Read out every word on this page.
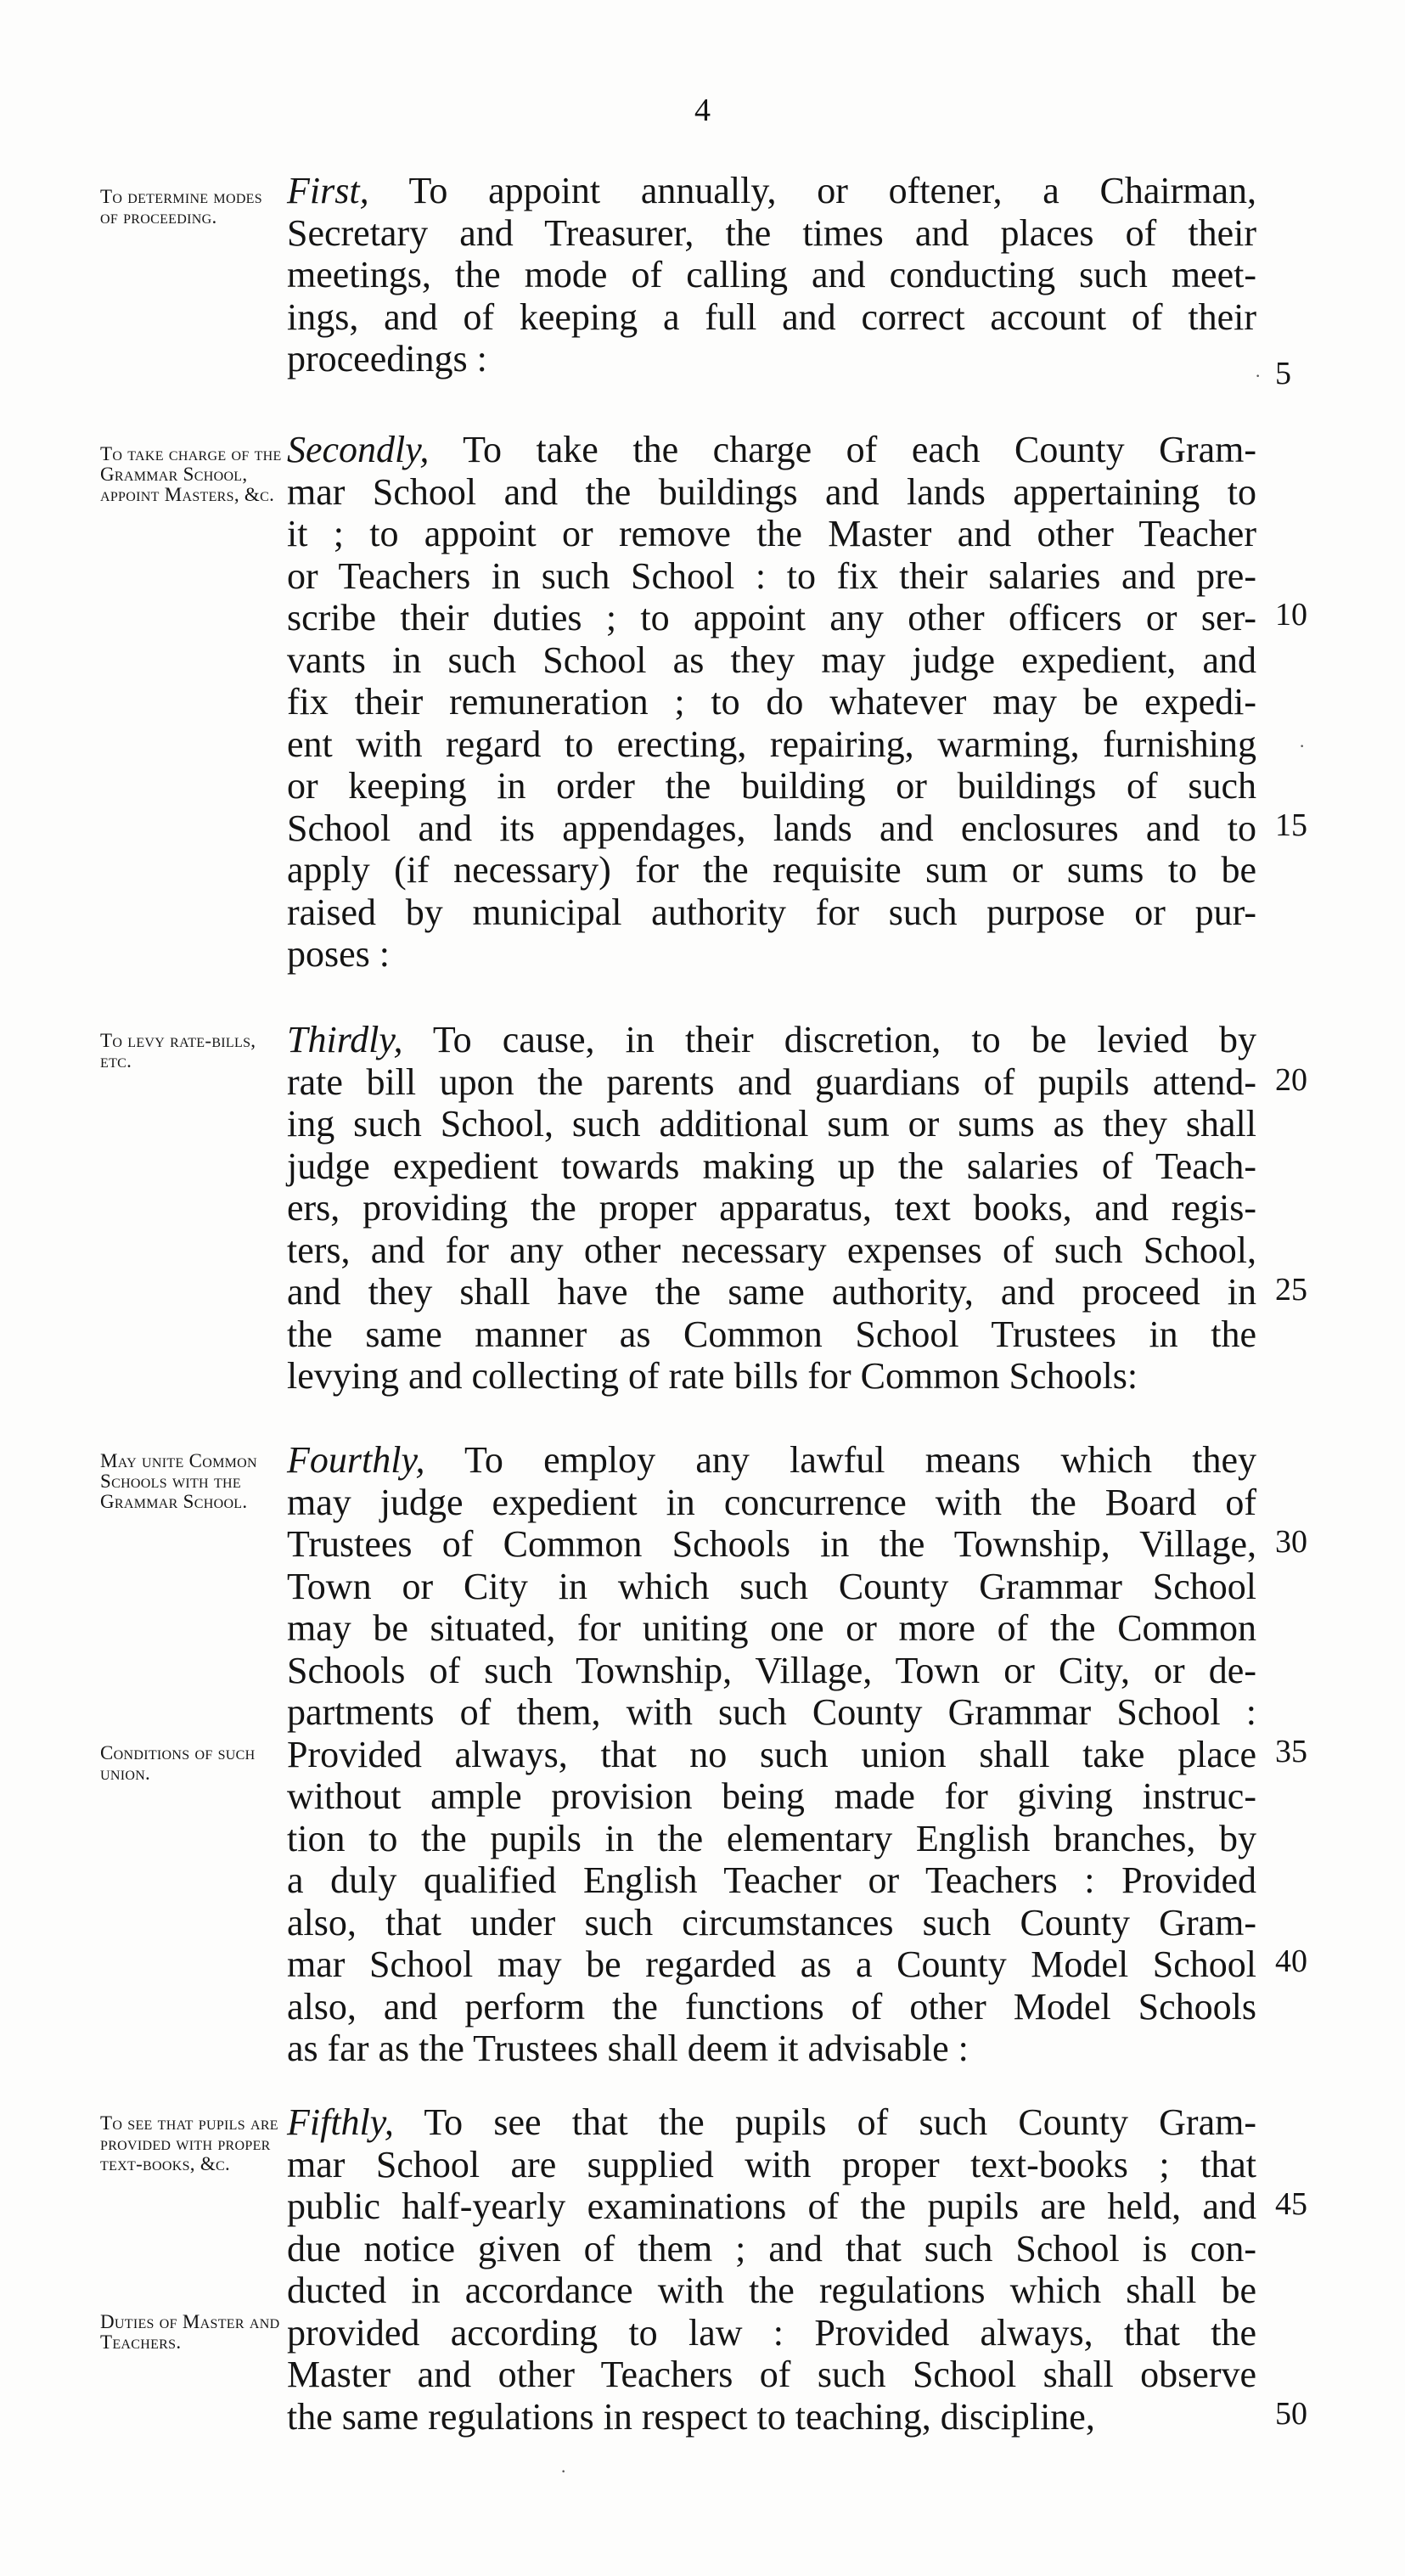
4
To determine modes of proceeding.
First, To appoint annually, or oftener, a Chairman,
Secretary and Treasurer, the times and places of their
meetings, the mode of calling and conducting such meet-
ings, and of keeping a full and correct account of their
proceedings :
To take charge of the Grammar School, appoint Masters, &c.
Secondly, To take the charge of each County Gram-
mar School and the buildings and lands appertaining to
it ; to appoint or remove the Master and other Teacher
or Teachers in such School : to fix their salaries and pre-
scribe their duties ; to appoint any other officers or ser-
vants in such School as they may judge expedient, and
fix their remuneration ; to do whatever may be expedi-
ent with regard to erecting, repairing, warming, furnishing
or keeping in order the building or buildings of such
School and its appendages, lands and enclosures and to
apply (if necessary) for the requisite sum or sums to be
raised by municipal authority for such purpose or pur-
poses :
To levy rate-bills, etc.
Thirdly, To cause, in their discretion, to be levied by
rate bill upon the parents and guardians of pupils attend-
ing such School, such additional sum or sums as they shall
judge expedient towards making up the salaries of Teach-
ers, providing the proper apparatus, text books, and regis-
ters, and for any other necessary expenses of such School,
and they shall have the same authority, and proceed in
the same manner as Common School Trustees in the
levying and collecting of rate bills for Common Schools:
May unite Common Schools with the Grammar School.
Conditions of such union.
Fourthly, To employ any lawful means which they
may judge expedient in concurrence with the Board of
Trustees of Common Schools in the Township, Village,
Town or City in which such County Grammar School
may be situated, for uniting one or more of the Common
Schools of such Township, Village, Town or City, or de-
partments of them, with such County Grammar School :
Provided always, that no such union shall take place
without ample provision being made for giving instruc-
tion to the pupils in the elementary English branches, by
a duly qualified English Teacher or Teachers : Provided
also, that under such circumstances such County Gram-
mar School may be regarded as a County Model School
also, and perform the functions of other Model Schools
as far as the Trustees shall deem it advisable :
To see that pupils are provided with proper text-books, &c.
Duties of Master and Teachers.
Fifthly, To see that the pupils of such County Gram-
mar School are supplied with proper text-books ; that
public half-yearly examinations of the pupils are held, and
due notice given of them ; and that such School is con-
ducted in accordance with the regulations which shall be
provided according to law : Provided always, that the
Master and other Teachers of such School shall observe
the same regulations in respect to teaching, discipline,
5
10
15
20
25
30
35
40
45
50
·
·
·
